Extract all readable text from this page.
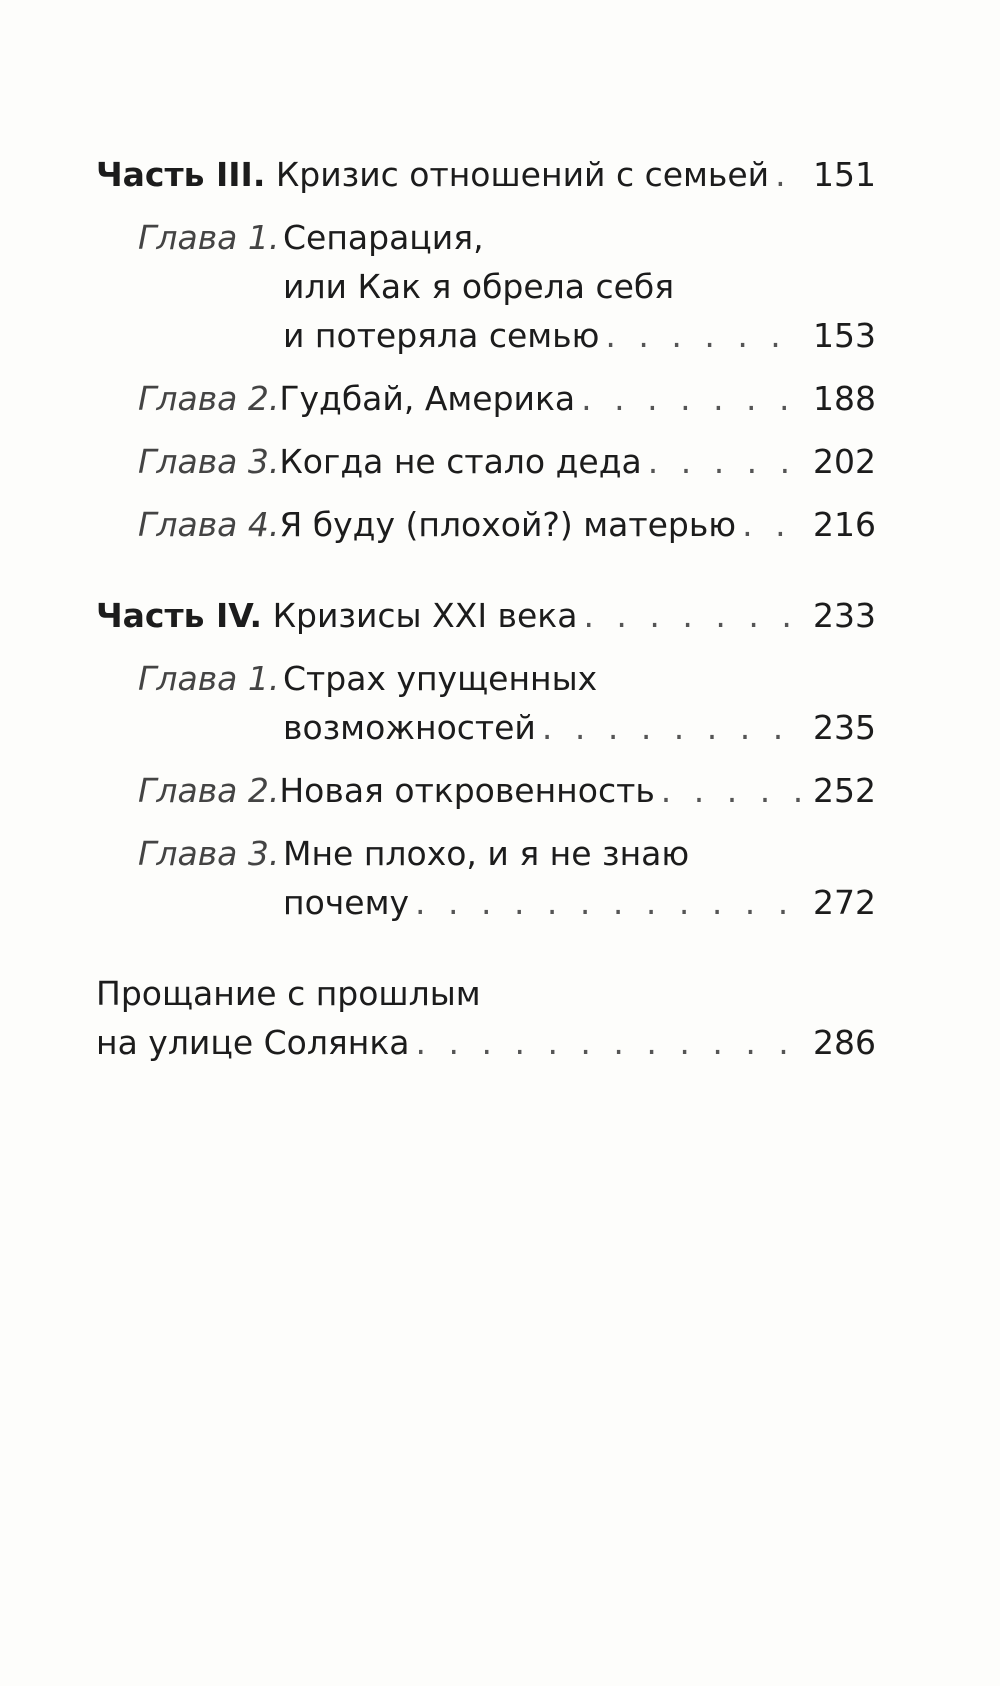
Часть III.
Кризис отношений с семьей . . . 151
Глава 1. Сепарация,
или Как я обрела себя
и потеряла семью . . .	153
Глава 2. Гудбай, Америка . . .	188
Глава 3. Когда не стало деда . . .	202
Глава 4. Я буду (плохой?) матерью . . . 216
Часть IV.
Кризисы XXI века . . .	233
Глава 1. Страх упущенных
возможностей . . .	235
Глава 2. Новая откровенность . . .	252
Глава 3. Мне плохо, и я не знаю
почему . . .	272
Прощание с прошлым
на улице Солянка . . .	286
